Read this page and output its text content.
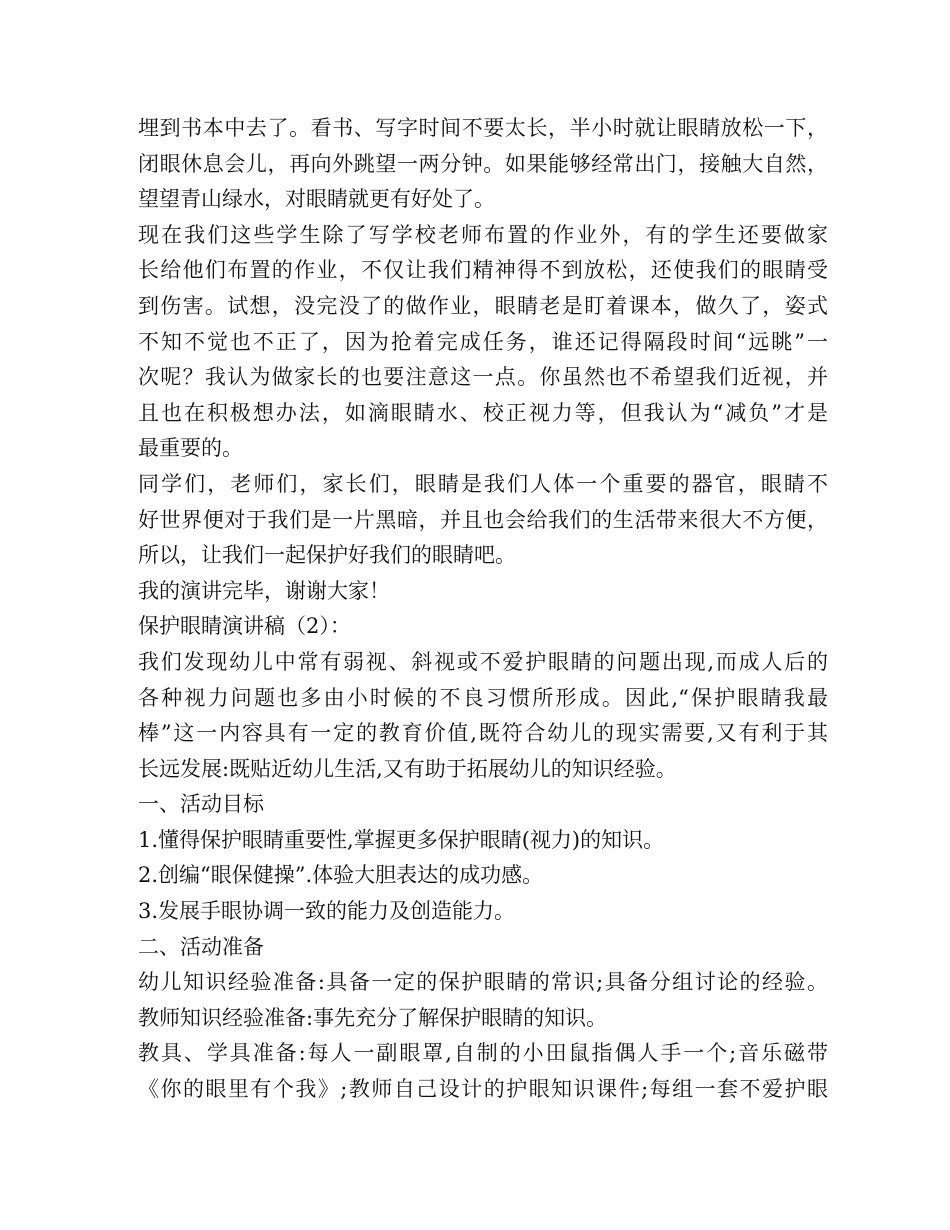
埋到书本中去了。看书、写字时间不要太长，半小时就让眼睛放松一下，
闭眼休息会儿，再向外跳望一两分钟。如果能够经常出门，接触大自然，
望望青山绿水，对眼睛就更有好处了。
现在我们这些学生除了写学校老师布置的作业外，有的学生还要做家
长给他们布置的作业，不仅让我们精神得不到放松，还使我们的眼睛受
到伤害。试想，没完没了的做作业，眼睛老是盯着课本，做久了，姿式
不知不觉也不正了，因为抢着完成任务，谁还记得隔段时间“远眺”一
次呢？我认为做家长的也要注意这一点。你虽然也不希望我们近视，并
且也在积极想办法，如滴眼睛水、校正视力等，但我认为“减负”才是
最重要的。
同学们，老师们，家长们，眼睛是我们人体一个重要的器官，眼睛不
好世界便对于我们是一片黑暗，并且也会给我们的生活带来很大不方便，
所以，让我们一起保护好我们的眼睛吧。
我的演讲完毕，谢谢大家！
保护眼睛演讲稿（2）：
我们发现幼儿中常有弱视、斜视或不爱护眼睛的问题出现,而成人后的
各种视力问题也多由小时候的不良习惯所形成。因此,“保护眼睛我最
棒”这一内容具有一定的教育价值,既符合幼儿的现实需要,又有利于其
长远发展:既贴近幼儿生活,又有助于拓展幼儿的知识经验。
一、活动目标
1.懂得保护眼睛重要性,掌握更多保护眼睛(视力)的知识。
2.创编“眼保健操”.体验大胆表达的成功感。
3.发展手眼协调一致的能力及创造能力。
二、活动准备
幼儿知识经验准备:具备一定的保护眼睛的常识;具备分组讨论的经验。
教师知识经验准备:事先充分了解保护眼睛的知识。
教具、学具准备:每人一副眼罩,自制的小田鼠指偶人手一个;音乐磁带
《你的眼里有个我》;教师自己设计的护眼知识课件;每组一套不爱护眼
